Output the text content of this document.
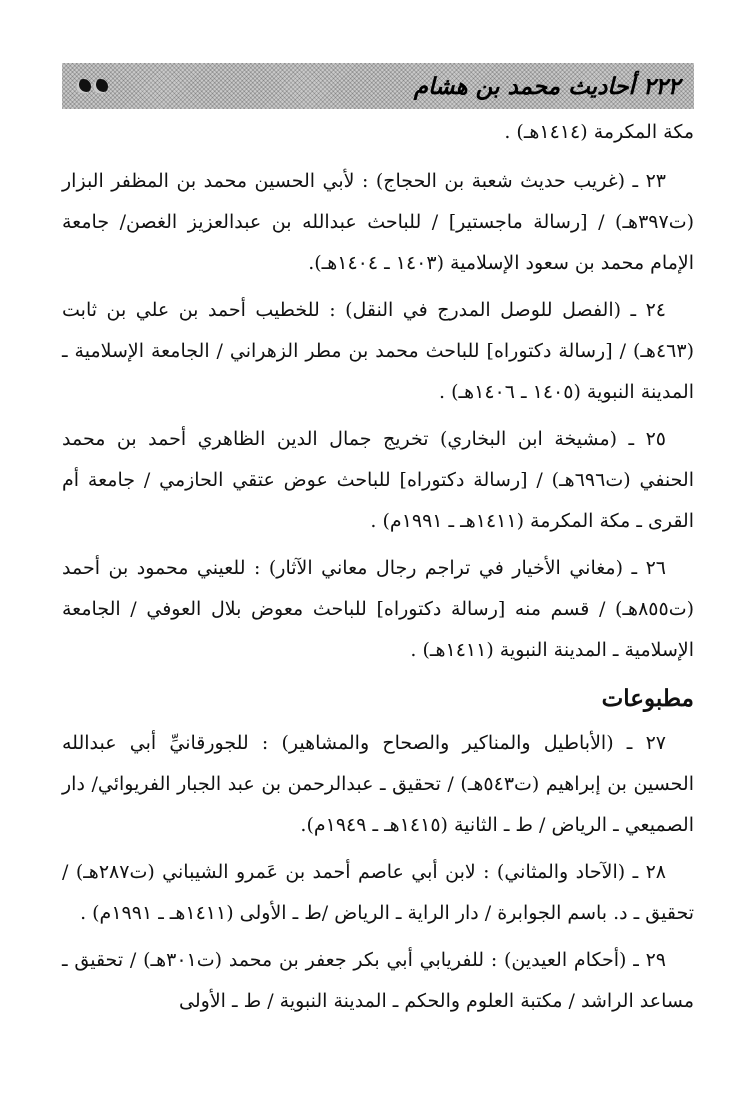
٢٢٢ أحاديث محمد بن هشام

مكة المكرمة (١٤١٤هـ) .

٢٣ ـ (غريب حديث شعبة بن الحجاج) : لأبي الحسين محمد بن المظفر البزار (ت٣٩٧هـ) / [رسالة ماجستير] / للباحث عبدالله بن عبدالعزيز الغصن/ جامعة الإمام محمد بن سعود الإسلامية (١٤٠٣ ـ ١٤٠٤هـ).

٢٤ ـ (الفصل للوصل المدرج في النقل) : للخطيب أحمد بن علي بن ثابت (٤٦٣هـ) / [رسالة دكتوراه] للباحث محمد بن مطر الزهراني / الجامعة الإسلامية ـ المدينة النبوية (١٤٠٥ ـ ١٤٠٦هـ) .

٢٥ ـ (مشيخة ابن البخاري) تخريج جمال الدين الظاهري أحمد بن محمد الحنفي (ت٦٩٦هـ) / [رسالة دكتوراه] للباحث عوض عتقي الحازمي / جامعة أم القرى ـ مكة المكرمة (١٤١١هـ ـ ١٩٩١م) .

٢٦ ـ (مغاني الأخيار في تراجم رجال معاني الآثار) : للعيني محمود بن أحمد (ت٨٥٥هـ) / قسم منه [رسالة دكتوراه] للباحث معوض بلال العوفي / الجامعة الإسلامية ـ المدينة النبوية (١٤١١هـ) .

مطبوعات

٢٧ ـ (الأباطيل والمناكير والصحاح والمشاهير) : للجورقانيِّ أبي عبدالله الحسين بن إبراهيم (ت٥٤٣هـ) / تحقيق ـ عبدالرحمن بن عبد الجبار الفريوائي/ دار الصميعي ـ الرياض / ط ـ الثانية (١٤١٥هـ ـ ١٩٤٩م).

٢٨ ـ (الآحاد والمثاني) : لابن أبي عاصم أحمد بن عَمرو الشيباني (ت٢٨٧هـ) / تحقيق ـ د. باسم الجوابرة / دار الراية ـ الرياض /ط ـ الأولى (١٤١١هـ ـ ١٩٩١م) .

٢٩ ـ (أحكام العيدين) : للفريابي أبي بكر جعفر بن محمد (ت٣٠١هـ) / تحقيق ـ مساعد الراشد / مكتبة العلوم والحكم ـ المدينة النبوية / ط ـ الأولى
